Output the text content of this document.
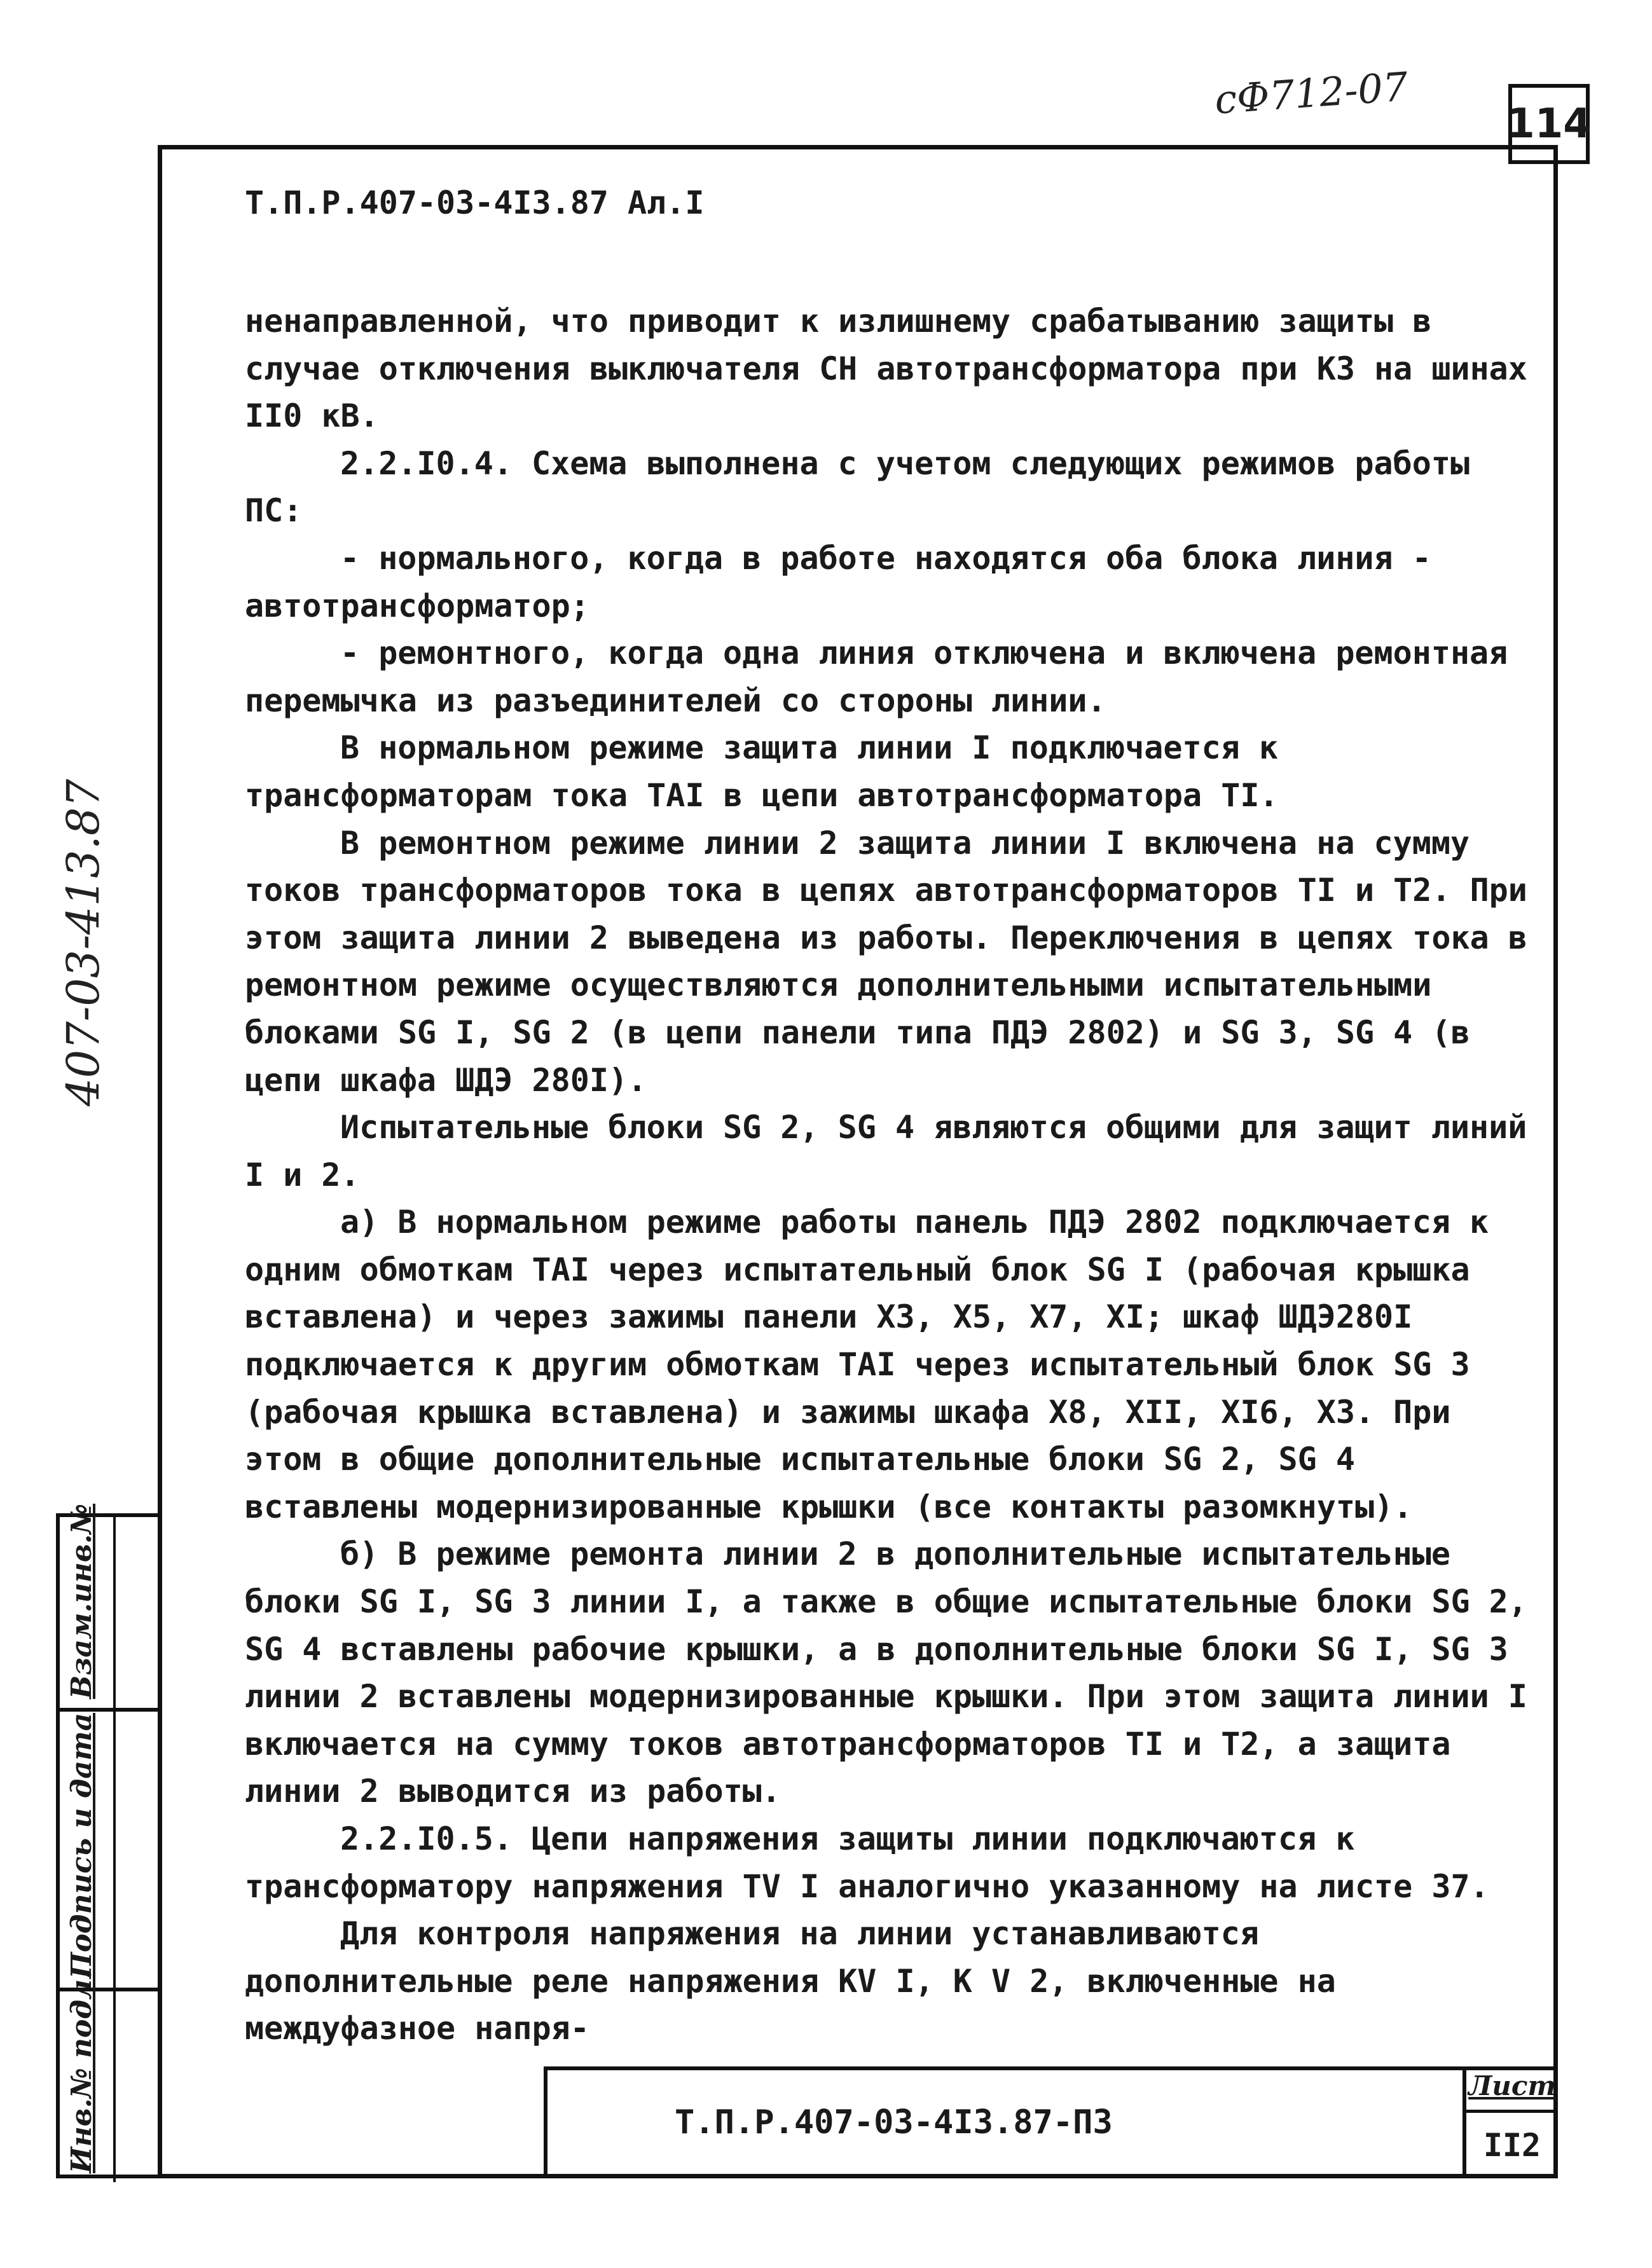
сФ712-07
114
Т.П.Р.407-03-4I3.87 Ал.I

ненаправленной, что приводит к излишнему срабатыванию защиты в случае отключения выключателя СН автотрансформатора при КЗ на шинах II0 кВ.

2.2.I0.4. Схема выполнена с учетом следующих режимов работы ПС:

- нормального, когда в работе находятся оба блока линия - автотрансформатор;

- ремонтного, когда одна линия отключена и включена ремонтная перемычка из разъединителей со стороны линии.

В нормальном режиме защита линии I подключается к трансформаторам тока ТАI в цепи автотрансформатора ТI.

В ремонтном режиме линии 2 защита линии I включена на сумму токов трансформаторов тока в цепях автотрансформаторов ТI и Т2. При этом защита линии 2 выведена из работы. Переключения в цепях тока в ремонтном режиме осуществляются дополнительными испытательными блоками SG I, SG 2 (в цепи панели типа ПДЭ 2802) и SG 3, SG 4 (в цепи шкафа ШДЭ 280I).

Испытательные блоки SG 2, SG 4 являются общими для защит линий I и 2.

а) В нормальном режиме работы панель ПДЭ 2802 подключается к одним обмоткам ТАI через испытательный блок SG I (рабочая крышка вставлена) и через зажимы панели Х3, Х5, Х7, ХI; шкаф ШДЭ280I подключается к другим обмоткам ТАI через испытательный блок SG 3 (рабочая крышка вставлена) и зажимы шкафа Х8, ХII, ХI6, Х3. При этом в общие дополнительные испытательные блоки SG 2, SG 4 вставлены модернизированные крышки (все контакты разомкнуты).

б) В режиме ремонта линии 2 в дополнительные испытательные блоки SG I, SG 3 линии I, а также в общие испытательные блоки SG 2, SG 4 вставлены рабочие крышки, а в дополнительные блоки SG I, SG 3 линии 2 вставлены модернизированные крышки. При этом защита линии I включается на сумму токов автотрансформаторов ТI и Т2, а защита линии 2 выводится из работы.

2.2.I0.5. Цепи напряжения защиты линии подключаются к трансформатору напряжения ТV I аналогично указанному на листе 37.

Для контроля напряжения на линии устанавливаются дополнительные реле напряжения КV I, К V 2, включенные на междуфазное напря-

407-03-413.87
Взам.инв.№
Подпись и дата
Инв.№ подл.	Т.П.Р.407-03-4I3.87-ПЗ
Лист
II2
